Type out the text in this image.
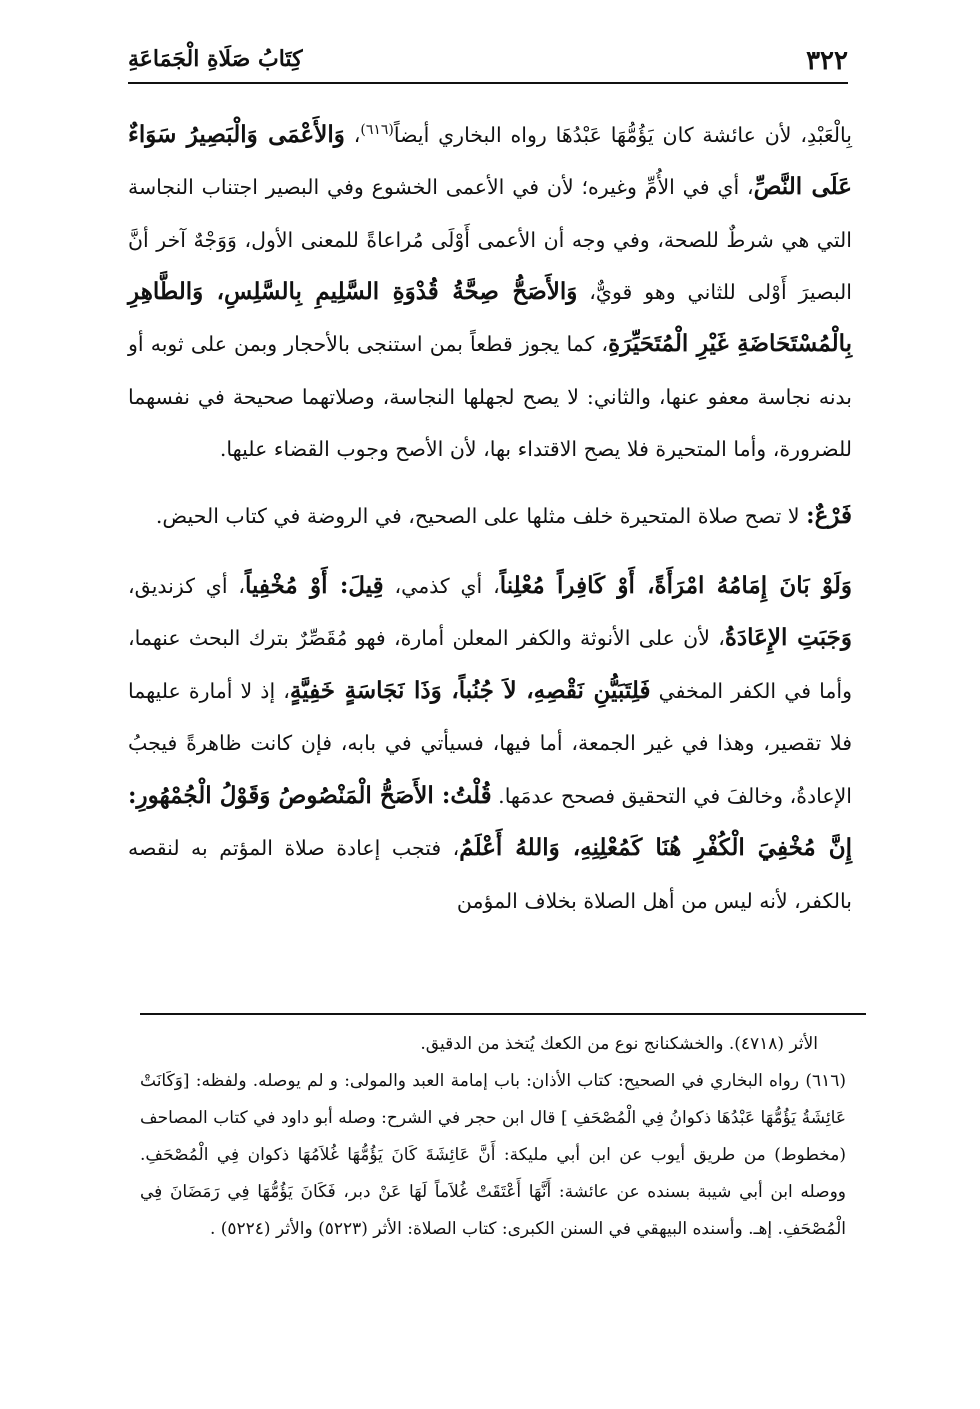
٣٢٢
كِتَابُ صَلَاةِ الْجَمَاعَةِ

بِالْعَبْدِ، لأن عائشة كان يَؤُمُّهَا عَبْدُهَا رواه البخاري أيضاً$^{(٦١٦)}$، وَالأَعْمَى وَالْبَصِيرُ سَوَاءٌ عَلَى النَّصِّ، أي في الأُمِّ وغيره؛ لأن في الأعمى الخشوع وفي البصير اجتناب النجاسة التي هي شرطٌ للصحة، وفي وجه أن الأعمى أَوْلَى مُراعاةً للمعنى الأول، وَوَجْهٌ آخر أنَّ البصيرَ أَوْلى للثاني وهو قويٌّ، وَالأَصَحُّ صِحَّةُ قُدْوَةِ السَّلِيمِ بِالسَّلِسِ، وَالطَّاهِرِ بِالْمُسْتَحَاضَةِ غَيْرِ الْمُتَحَيِّرَةِ، كما يجوز قطعاً بمن استنجى بالأحجار وبمن على ثوبه أو بدنه نجاسة معفو عنها، والثاني: لا يصح لجهلها النجاسة، وصلاتهما صحيحة في نفسهما للضرورة، وأما المتحيرة فلا يصح الاقتداء بها، لأن الأصح وجوب القضاء عليها.

فَرْعٌ: لا تصح صلاة المتحيرة خلف مثلها على الصحيح، في الروضة في كتاب الحيض.

وَلَوْ بَانَ إِمَامُهُ امْرَأَةً، أَوْ كَافِراً مُعْلِناً، أي كذمي، قِيلَ: أَوْ مُخْفِياً، أي كزنديق، وَجَبَتِ الإِعَادَةُ، لأن على الأنوثة والكفر المعلن أمارة، فهو مُقَصِّرٌ بترك البحث عنهما، وأما في الكفر المخفي فَلِتَبَيُّنِ نَقْصِهِ، لاَ جُنُباً، وَذَا نَجَاسَةٍ خَفِيَّةٍ، إذ لا أمارة عليهما فلا تقصير، وهذا في غير الجمعة، أما فيها، فسيأتي في بابه، فإن كانت ظاهرةً فيجبُ الإعادةُ، وخالفَ في التحقيق فصحح عدمَها. قُلْتُ: الأَصَحُّ الْمَنْصُوصُ وَقَوْلُ الْجُمْهُورِ: إِنَّ مُخْفِيَ الْكُفْرِ هُنَا كَمُعْلِنِهِ، وَاللهُ أَعْلَمُ، فتجب إعادة صلاة المؤتم به لنقصه بالكفر، لأنه ليس من أهل الصلاة بخلاف المؤمن

الأثر (٤٧١٨). والخشكنانج نوع من الكعك يُتخذ من الدقيق.

(٦١٦) رواه البخاري في الصحيح: كتاب الأذان: باب إمامة العبد والمولى: و لم يوصله. ولفظه: [وَكَانَتْ عَائِشَةُ يَؤُمُّهَا عَبْدُهَا ذكوانُ فِي الْمُصْحَفِ ] قال ابن حجر في الشرح: وصله أبو داود في كتاب المصاحف (مخطوط) من طريق أيوب عن ابن أبي مليكة: أَنَّ عَائِشَةَ كَانَ يَؤُمُّهَا غُلاَمُهَا ذكوان فِي الْمُصْحَفِ. ووصله ابن أبي شيبة بسنده عن عائشة: أَنَّهَا أَعْتَقَتْ غُلاَماً لَهَا عَنْ دبر، فَكَانَ يَؤُمُّهَا فِي رَمَضَانَ فِي الْمُصْحَفِ. إهـ. وأسنده البيهقي في السنن الكبرى: كتاب الصلاة: الأثر (٥٢٢٣) والأثر (٥٢٢٤) .
